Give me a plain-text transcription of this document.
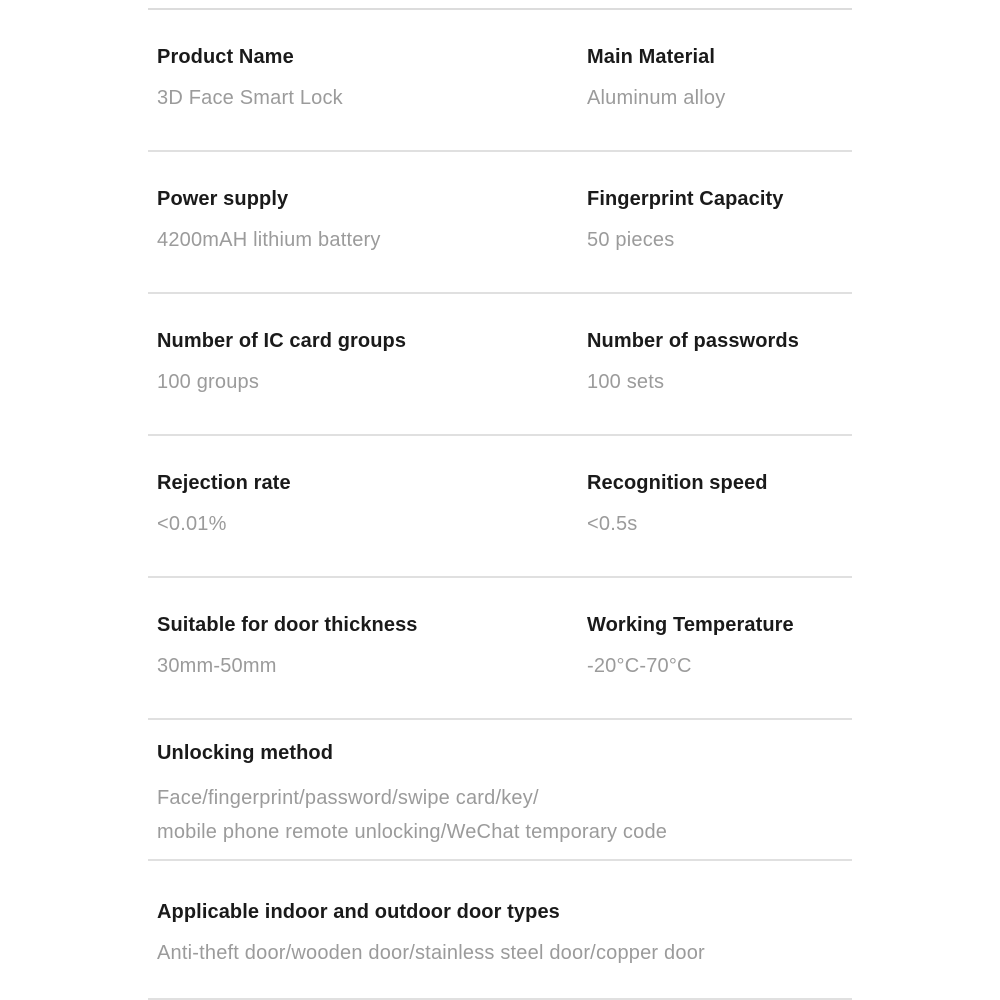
Product Name
3D Face Smart Lock
Main Material
Aluminum alloy
Power supply
4200mAH lithium battery
Fingerprint Capacity
50 pieces
Number of IC card groups
100 groups
Number of passwords
100 sets
Rejection rate
<0.01%
Recognition speed
<0.5s
Suitable for door thickness
30mm-50mm
Working Temperature
-20°C-70°C
Unlocking method
Face/fingerprint/password/swipe card/key/
mobile phone remote unlocking/WeChat temporary code
Applicable indoor and outdoor door types
Anti-theft door/wooden door/stainless steel door/copper door
